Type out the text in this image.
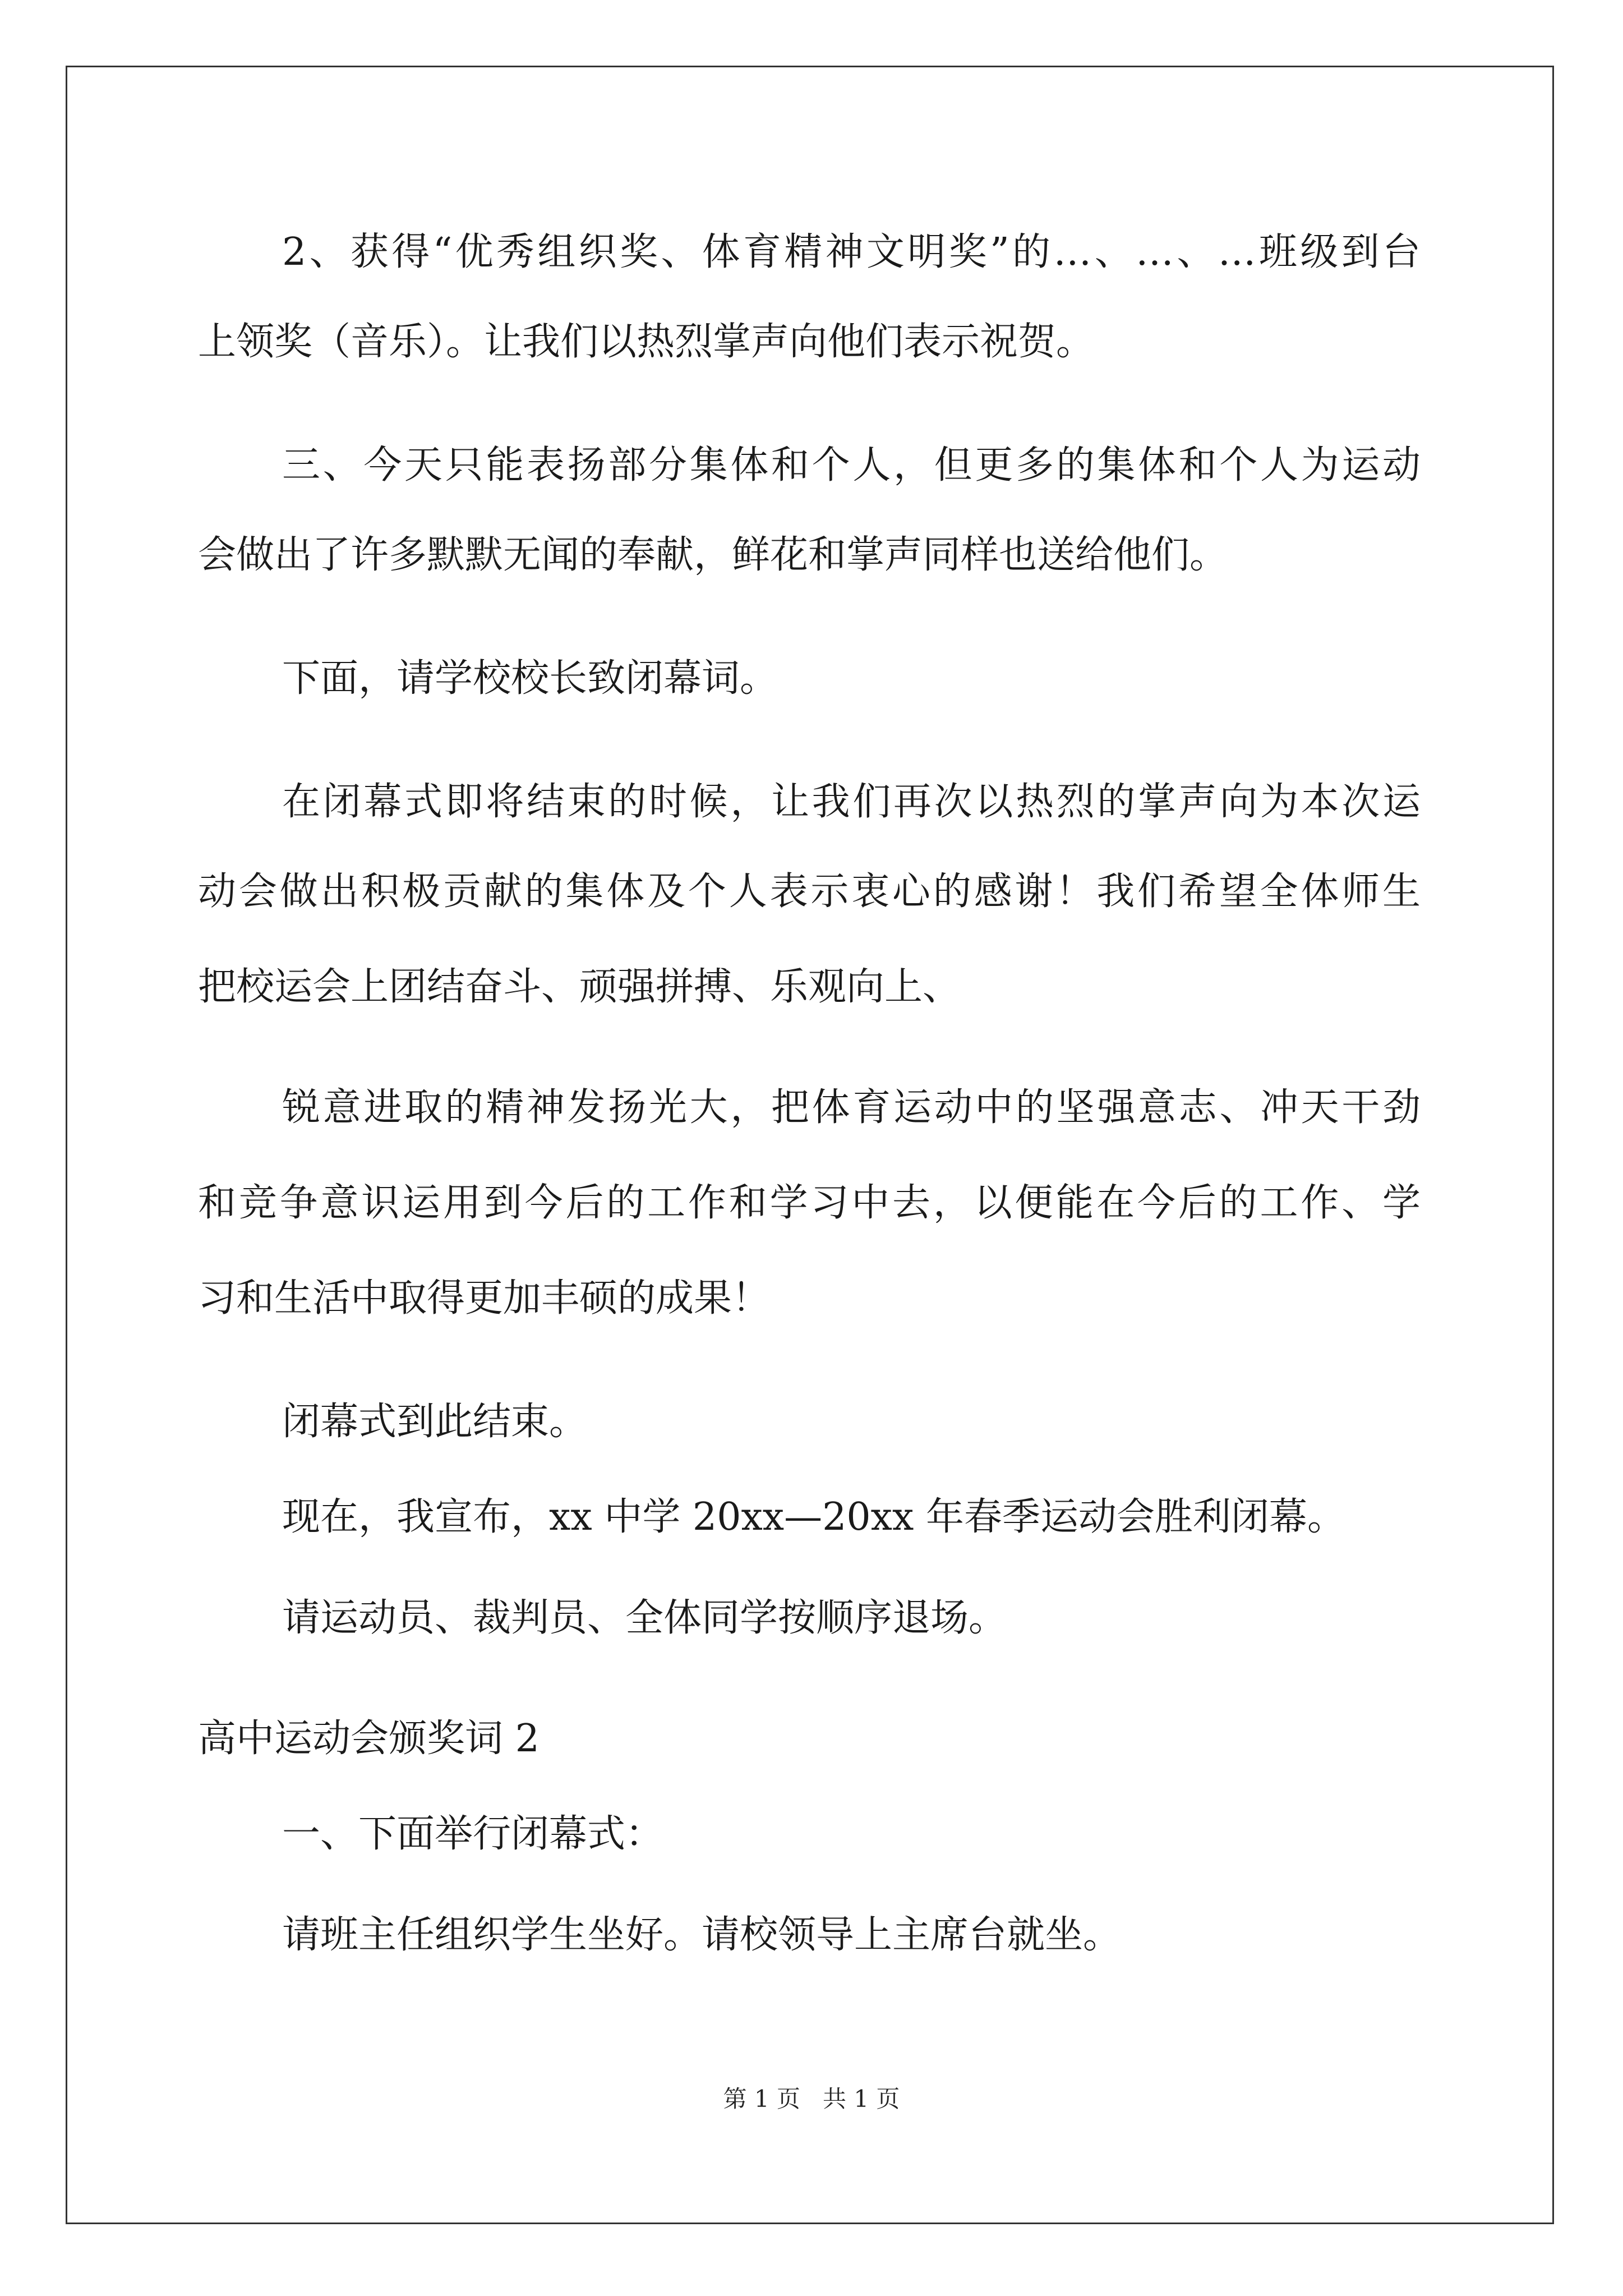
2、获得“优秀组织奖、体育精神文明奖”的…、…、…班级到台
上领奖（音乐）。让我们以热烈掌声向他们表示祝贺。
三、今天只能表扬部分集体和个人，但更多的集体和个人为运动
会做出了许多默默无闻的奉献，鲜花和掌声同样也送给他们。
下面，请学校校长致闭幕词。
在闭幕式即将结束的时候，让我们再次以热烈的掌声向为本次运
动会做出积极贡献的集体及个人表示衷心的感谢！我们希望全体师生
把校运会上团结奋斗、顽强拼搏、乐观向上、
锐意进取的精神发扬光大，把体育运动中的坚强意志、冲天干劲
和竞争意识运用到今后的工作和学习中去，以便能在今后的工作、学
习和生活中取得更加丰硕的成果！
闭幕式到此结束。
现在，我宣布，xx 中学 20xx—20xx 年春季运动会胜利闭幕。
请运动员、裁判员、全体同学按顺序退场。
高中运动会颁奖词 2
一、下面举行闭幕式：
请班主任组织学生坐好。请校领导上主席台就坐。
第 1 页 共 1 页
